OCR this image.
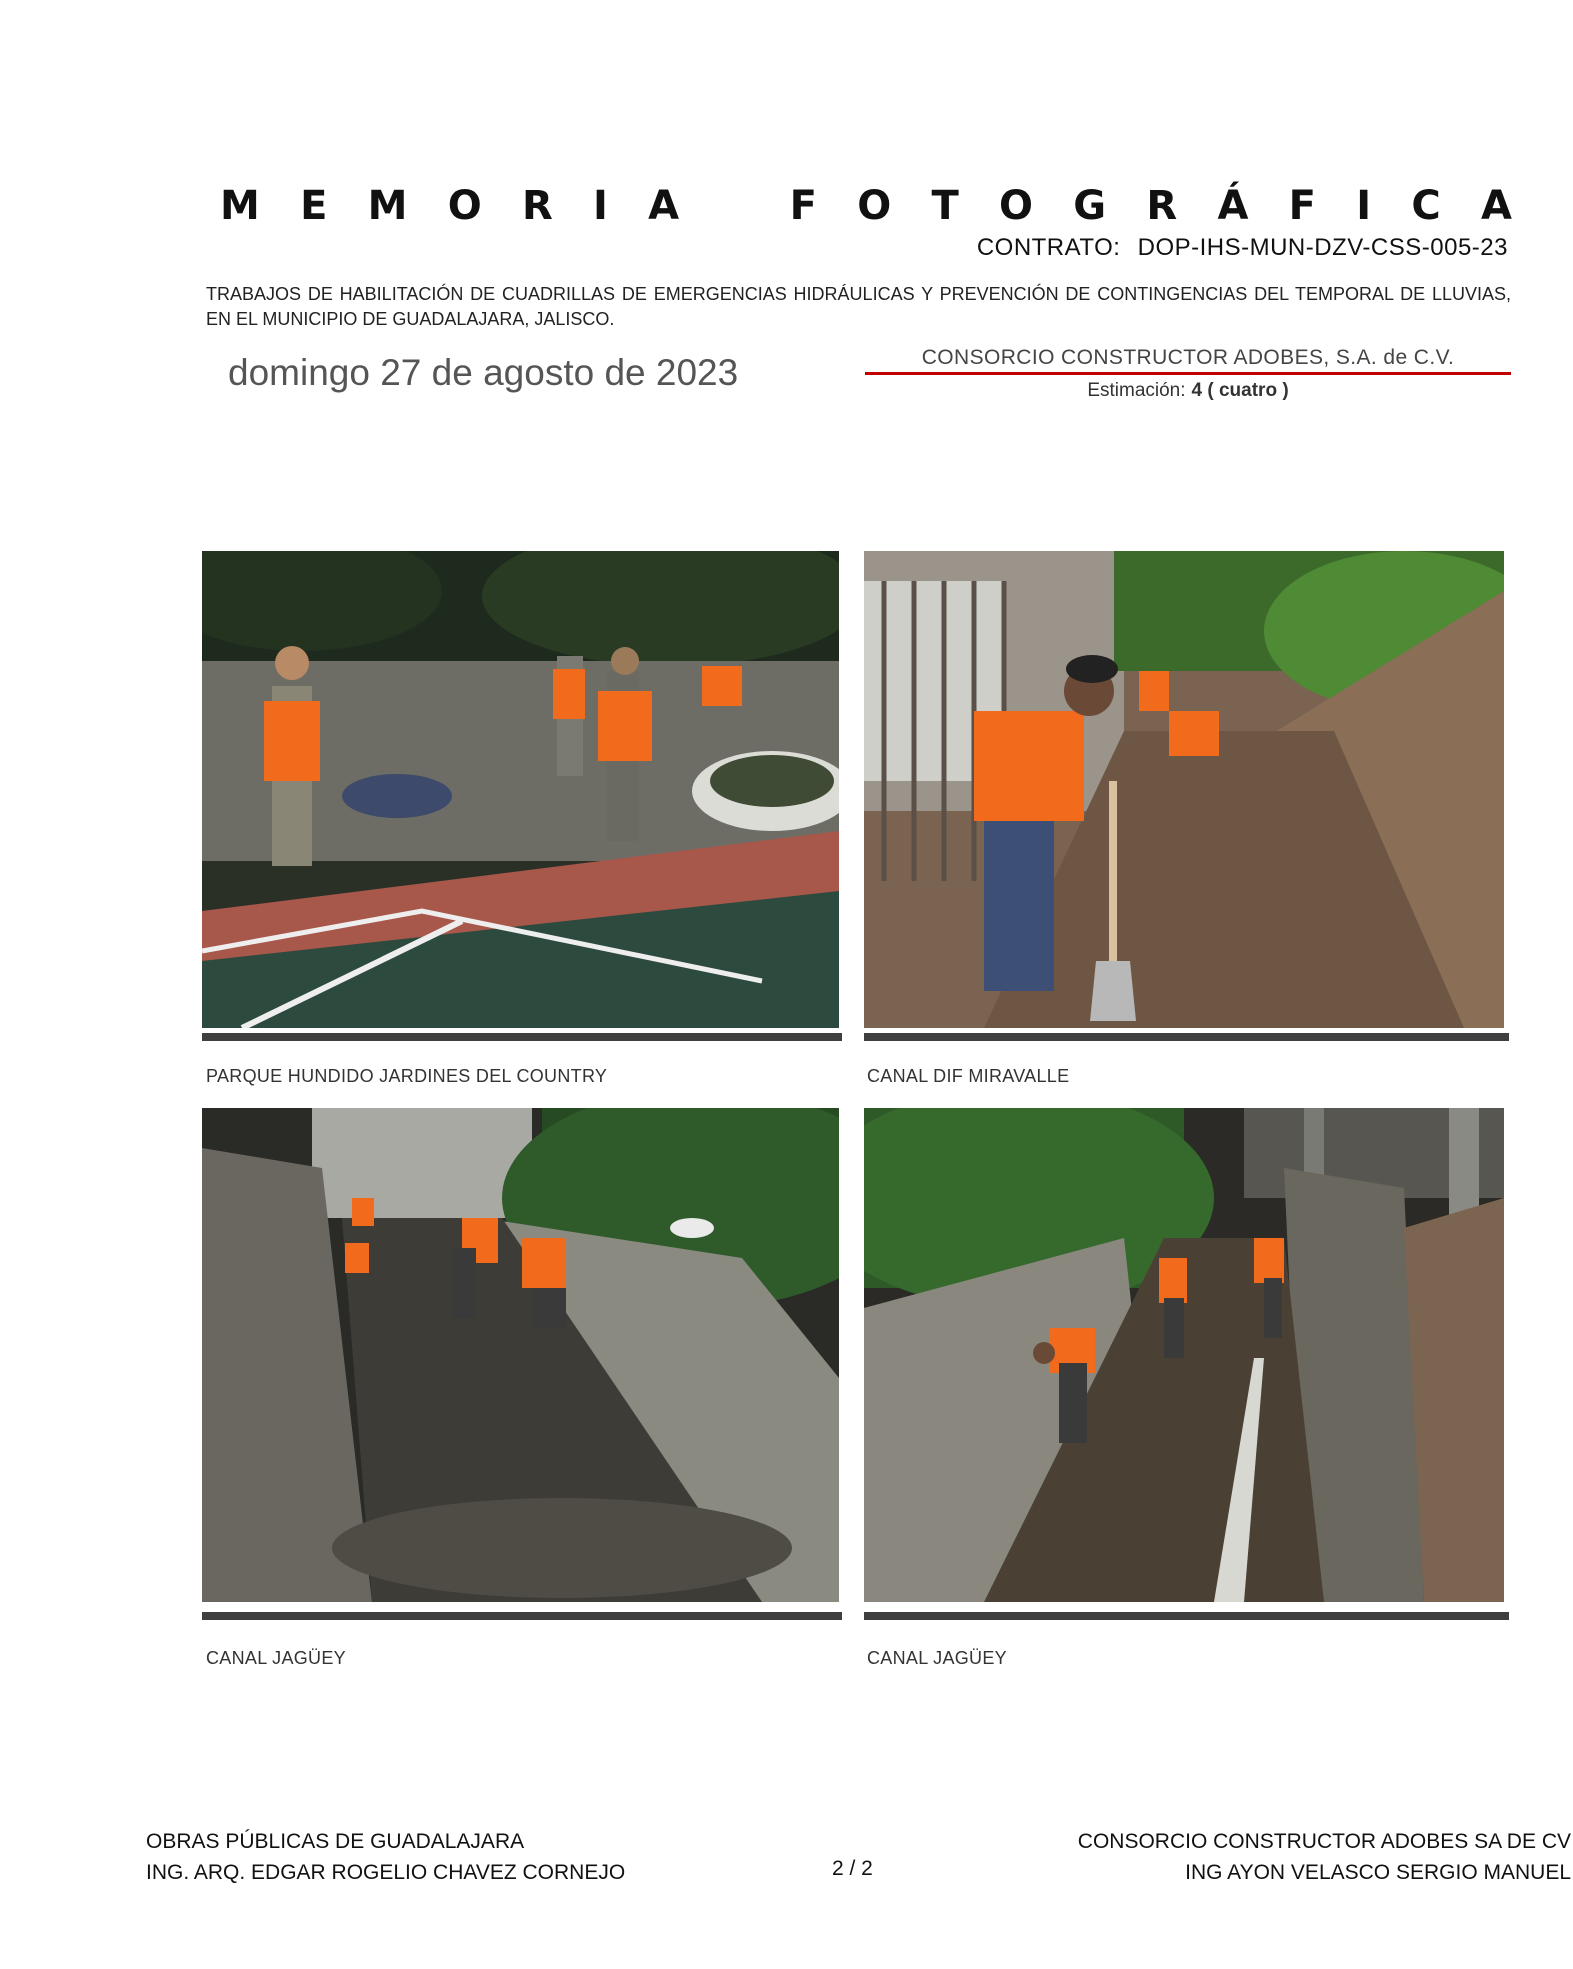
M E M O R I A	F O T O G R Á F I C A
CONTRATO: DOP-IHS-MUN-DZV-CSS-005-23
TRABAJOS DE HABILITACIÓN DE CUADRILLAS DE EMERGENCIAS HIDRÁULICAS Y PREVENCIÓN DE CONTINGENCIAS DEL TEMPORAL DE LLUVIAS, EN EL MUNICIPIO DE GUADALAJARA, JALISCO.
domingo 27 de agosto de 2023	CONSORCIO CONSTRUCTOR ADOBES, S.A. de C.V.
Estimación: 4 ( cuatro )
PARQUE HUNDIDO JARDINES DEL COUNTRY	CANAL DIF MIRAVALLE
CANAL JAGÜEY	CANAL JAGÜEY
OBRAS PÚBLICAS DE GUADALAJARA
ING. ARQ. EDGAR ROGELIO CHAVEZ CORNEJO	2 / 2
CONSORCIO CONSTRUCTOR ADOBES SA DE CV
ING AYON VELASCO SERGIO MANUEL
